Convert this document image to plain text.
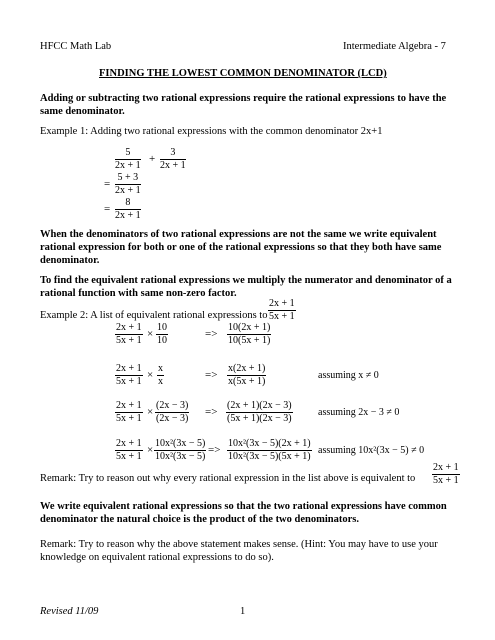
HFCC Math Lab	Intermediate Algebra - 7
FINDING THE LOWEST COMMON DENOMINATOR (LCD)
Adding or subtracting two rational expressions require the rational expressions to have the same denominator.
Example 1: Adding two rational expressions with the common denominator 2x+1
$\frac{5}{2x + 1} + \frac{3}{2x + 1}$
= $\frac{5 + 3}{2x + 1}$
= $\frac{8}{2x + 1}$
When the denominators of two rational expressions are not the same we write equivalent rational expression for both or one of the rational expressions so that they both have same denominator.
To find the equivalent rational expressions we multiply the numerator and denominator of a rational function with same non-zero factor.
Example 2: A list of equivalent rational expressions to $\frac{2x + 1}{5x + 1}$
$\frac{2x + 1}{5x + 1} \times \frac{10}{10}$	=> $\frac{10(2x + 1)}{10(5x + 1)}$
$\frac{2x + 1}{5x + 1} \times \frac{x}{x}$	=> $\frac{x(2x + 1)}{x(5x + 1)}$	assuming x ≠ 0
$\frac{2x + 1}{5x + 1} \times \frac{(2x - 3)}{(2x - 3)} => \frac{(2x + 1)(2x - 3)}{(5x + 1)(2x - 3)}$	assuming 2x − 3 ≠ 0
$\frac{2x + 1}{5x + 1} \times \frac{\text{10x²(3x − 5)}}{\text{10x²(3x − 5)}} => \frac{\text{10x²(3x − 5)(2x + 1)}}{\text{10x²(3x − 5)(5x + 1)}}$ assuming 10x²(3x − 5) ≠ 0
Remark: Try to reason out why every rational expression in the list above is equivalent to $\frac{2x + 1}{5x + 1}$
We write equivalent rational expressions so that the two rational expressions have common denominator the natural choice is the product of the two denominators.
Remark: Try to reason why the above statement makes sense. (Hint: You may have to use your knowledge on equivalent rational expressions to do so).
Revised 11/09	1
